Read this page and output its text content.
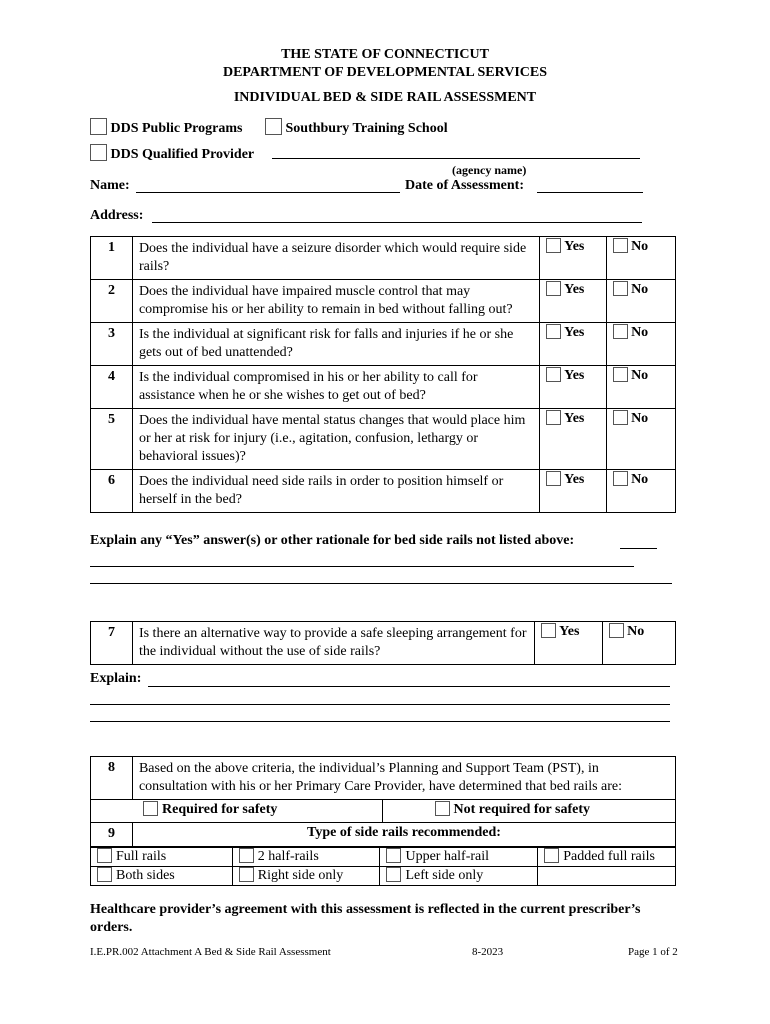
THE STATE OF CONNECTICUT
DEPARTMENT OF DEVELOPMENTAL SERVICES
INDIVIDUAL BED & SIDE RAIL ASSESSMENT
DDS Public Programs	Southbury Training School
DDS Qualified Provider
(agency name)
Name:	Date of Assessment:
Address:
1	Does the individual have a seizure disorder which would require side rails?	Yes	No
2	Does the individual have impaired muscle control that may compromise his or her ability to remain in bed without falling out?	Yes	No
3	Is the individual at significant risk for falls and injuries if he or she gets out of bed unattended?	Yes	No
4	Is the individual compromised in his or her ability to call for assistance when he or she wishes to get out of bed?	Yes	No
5	Does the individual have mental status changes that would place him or her at risk for injury (i.e., agitation, confusion, lethargy or behavioral issues)?	Yes	No
6	Does the individual need side rails in order to position himself or herself in the bed?	Yes	No
Explain any “Yes” answer(s) or other rationale for bed side rails not listed above:
7	Is there an alternative way to provide a safe sleeping arrangement for the individual without the use of side rails?	Yes	No
Explain:
8	Based on the above criteria, the individual’s Planning and Support Team (PST), in consultation with his or her Primary Care Provider, have determined that bed rails are:	
Required for safety		Not required for safety
9	Type of side rails recommended:	
Full rails	2 half-rails	Upper half-rail	Padded full rails
Both sides	Right side only	Left side only	
Healthcare provider’s agreement with this assessment is reflected in the current prescriber’s orders.
I.E.PR.002 Attachment A Bed & Side Rail Assessment	8-2023	Page 1 of 2
